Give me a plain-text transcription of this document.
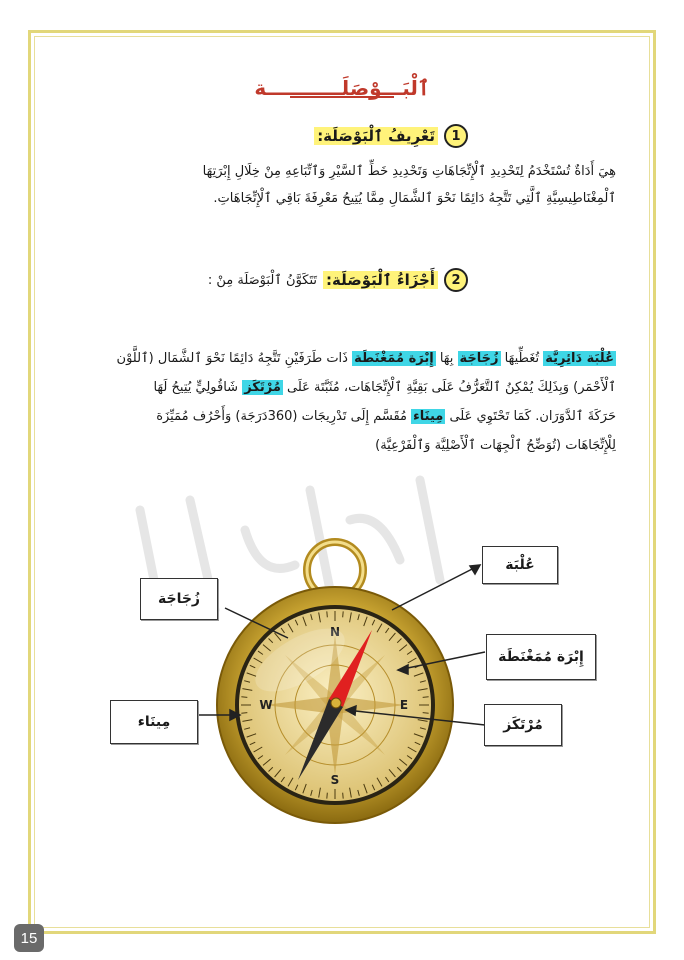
ٱلْبَـــوْصَلَـــــــــــة
1
تَعْرِيفُ ٱلْبَوْصَلَة:
هِيَ أَدَاةٌ تُسْتَخْدَمُ لِتَحْدِيدِ ٱلْإِتِّجَاهَاتِ وَتَحْدِيدِ خَطِّ ٱلسَّيْرِ وَٱتِّبَاعِهِ مِنْ خِلَالِ إِبْرَتِهَا
ٱلْمِغْنَاطِيسِيَّةِ ٱلَّتِي تَتَّجِهُ دَائِمًا نَحْوَ ٱلشَّمَالِ مِمَّا يُتِيحُ مَعْرِفَةَ بَاقِي ٱلْإِتِّجَاهَاتِ.
2
أَجْزَاءُ ٱلْبَوْصَلَة:
تَتَكَوَّنُ ٱلْبَوْصَلَة مِنْ :
عُلْبَة دَائِرِيَّة تُغَطِّيهَا زُجَاجَة بِهَا إِبْرَة مُمَغْنَطَة ذَات طَرَفَيْنِ تَتَّجِهُ دَائِمًا نَحْوَ ٱلشَّمَال (ٱللَّوْن
ٱلْأَحْمَر) وَبِذَلِكَ يُمْكِنُ ٱلتَّعَرُّفُ عَلَى بَقِيَّةِ ٱلْإِتِّجَاهَات، مُثَبَّتَة عَلَى مُرْتَكَز شَاقُولِيٍّ يُتِيحُ لَهَا
حَرَكَةَ ٱلدَّوَرَان. كَمَا تَحْتَوِي عَلَى مِينَاء مُقَسَّم إِلَى تَدْرِيجَات (360دَرَجَة) وَأَحْرُف مُمَيِّزَة
لِلْإِتِّجَاهَات (تُوَضِّحُ ٱلْجِهَات ٱلْأَصْلِيَّة وَٱلْفَرْعِيَّة)
N
E
S
W
زُجَاجَة
عُلْبَة
إِبْرَة مُمَغْنَطَة
مِينَاء	مُرْتَكَز
15
